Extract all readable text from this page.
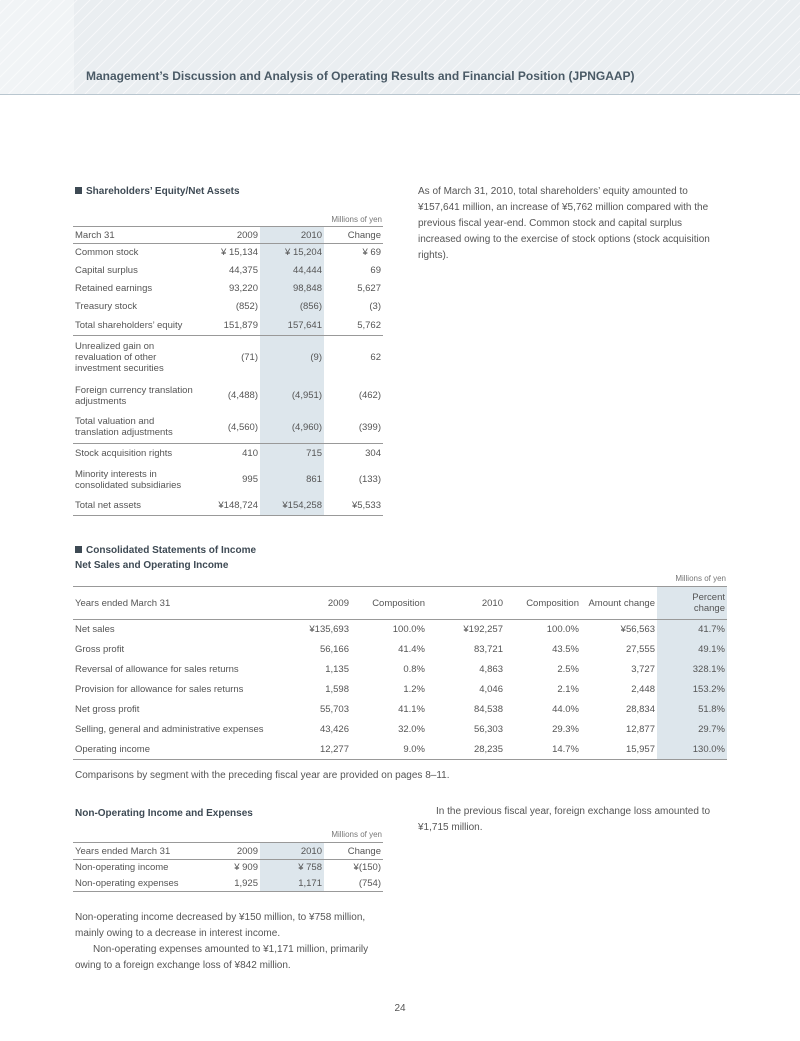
Management’s Discussion and Analysis of Operating Results and Financial Position (JPNGAAP)
Shareholders’ Equity/Net Assets
Millions of yen
March 31	2009	2010	Change
Common stock	¥ 15,134	¥ 15,204	¥ 69
Capital surplus	44,375	44,444	69
Retained earnings	93,220	98,848	5,627
Treasury stock	(852)	(856)	(3)
Total shareholders’ equity	151,879	157,641	5,762
Unrealized gain on revaluation of other investment securities	(71)	(9)	62
Foreign currency translation adjustments	(4,488)	(4,951)	(462)
Total valuation and translation adjustments	(4,560)	(4,960)	(399)
Stock acquisition rights	410	715	304
Minority interests in consolidated subsidiaries	995	861	(133)
Total net assets	¥148,724	¥154,258	¥5,533

As of March 31, 2010, total shareholders’ equity amounted to ¥157,641 million, an increase of ¥5,762 million compared with the previous fiscal year-end. Common stock and capital surplus increased owing to the exercise of stock options (stock acquisition rights).

Consolidated Statements of Income
Net Sales and Operating Income
Millions of yen
Years ended March 31	2009	Composition	2010	Composition	Amount change	Percent change
Net sales	¥135,693	100.0%	¥192,257	100.0%	¥56,563	41.7%
Gross profit	56,166	41.4%	83,721	43.5%	27,555	49.1%
Reversal of allowance for sales returns	1,135	0.8%	4,863	2.5%	3,727	328.1%
Provision for allowance for sales returns	1,598	1.2%	4,046	2.1%	2,448	153.2%
Net gross profit	55,703	41.1%	84,538	44.0%	28,834	51.8%
Selling, general and administrative expenses	43,426	32.0%	56,303	29.3%	12,877	29.7%
Operating income	12,277	9.0%	28,235	14.7%	15,957	130.0%

Comparisons by segment with the preceding fiscal year are provided on pages 8–11.

Non-Operating Income and Expenses
Millions of yen
Years ended March 31	2009	2010	Change
Non-operating income	¥ 909	¥ 758	¥(150)
Non-operating expenses	1,925	1,171	(754)

Non-operating income decreased by ¥150 million, to ¥758 million, mainly owing to a decrease in interest income.

Non-operating expenses amounted to ¥1,171 million, primarily owing to a foreign exchange loss of ¥842 million.

In the previous fiscal year, foreign exchange loss amounted to ¥1,715 million.

24
